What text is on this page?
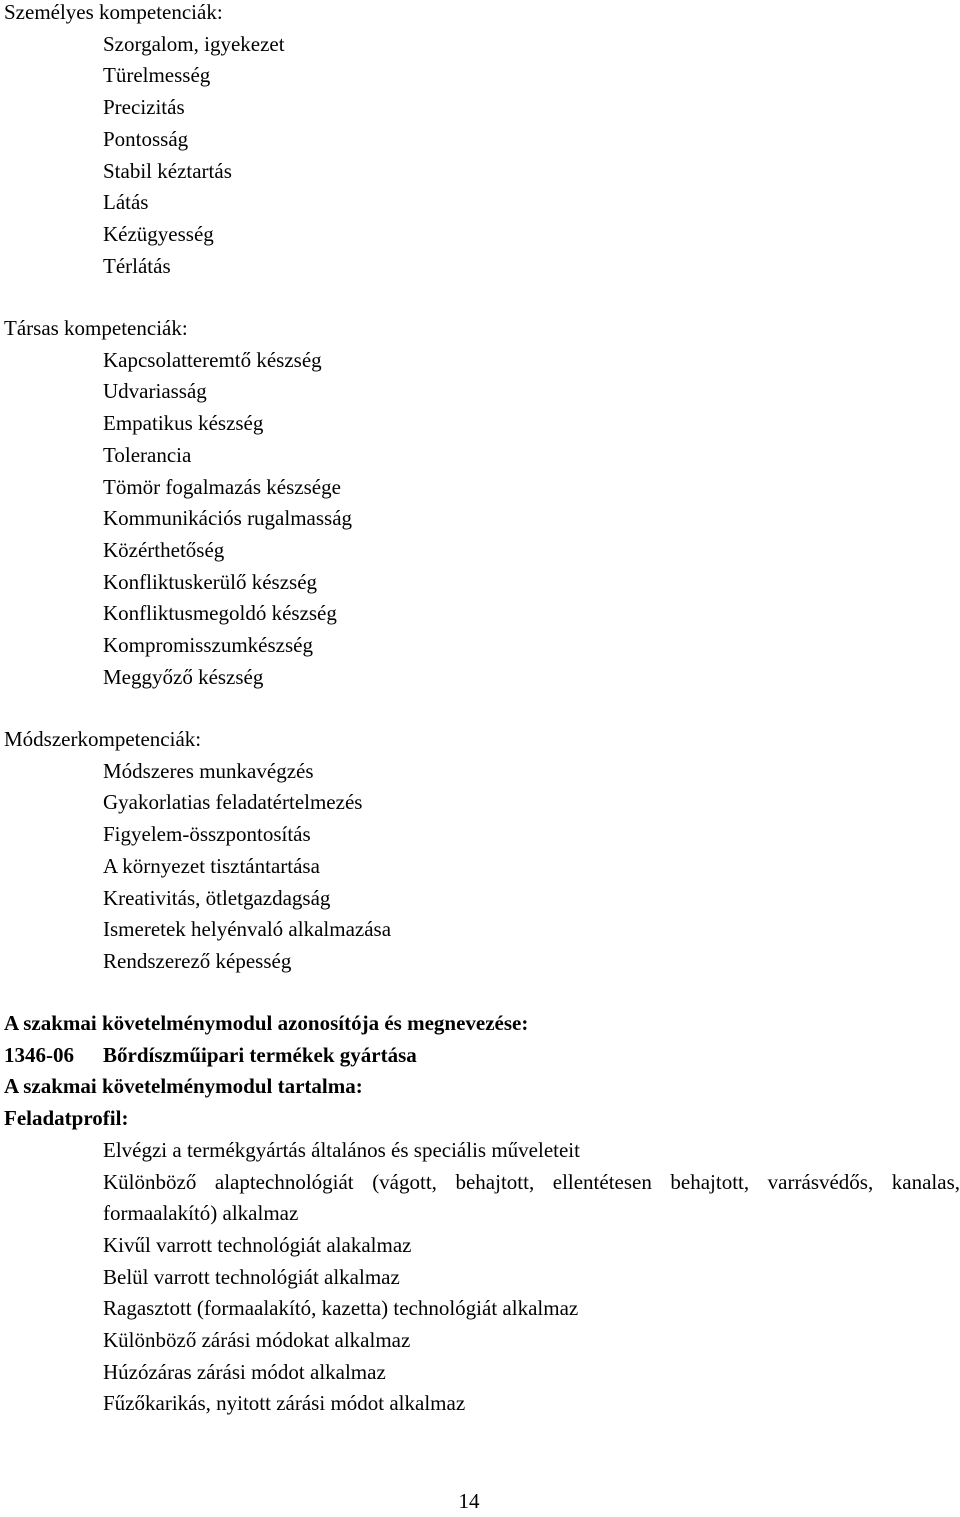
Személyes kompetenciák:
Szorgalom, igyekezet
Türelmesség
Precizitás
Pontosság
Stabil kéztartás
Látás
Kézügyesség
Térlátás
Társas kompetenciák:
Kapcsolatteremtő készség
Udvariasság
Empatikus készség
Tolerancia
Tömör fogalmazás készsége
Kommunikációs rugalmasság
Közérthetőség
Konfliktuskerülő készség
Konfliktusmegoldó készség
Kompromisszumkészség
Meggyőző készség
Módszerkompetenciák:
Módszeres munkavégzés
Gyakorlatias feladatértelmezés
Figyelem-összpontosítás
A környezet tisztántartása
Kreativitás, ötletgazdagság
Ismeretek helyénvaló alkalmazása
Rendszerező képesség
A szakmai követelménymodul azonosítója és megnevezése:
1346-06 Bőrdíszműipari termékek gyártása
A szakmai követelménymodul tartalma:
Feladatprofil:
Elvégzi a termékgyártás általános és speciális műveleteit
Különböző alaptechnológiát (vágott, behajtott, ellentétesen behajtott, varrásvédős, kanalas, formaalakító) alkalmaz
Kivűl varrott technológiát alakalmaz
Belül varrott technológiát alkalmaz
Ragasztott (formaalakító, kazetta) technológiát alkalmaz
Különböző zárási módokat alkalmaz
Húzózáras zárási módot alkalmaz
Fűzőkarikás, nyitott zárási módot alkalmaz
14
